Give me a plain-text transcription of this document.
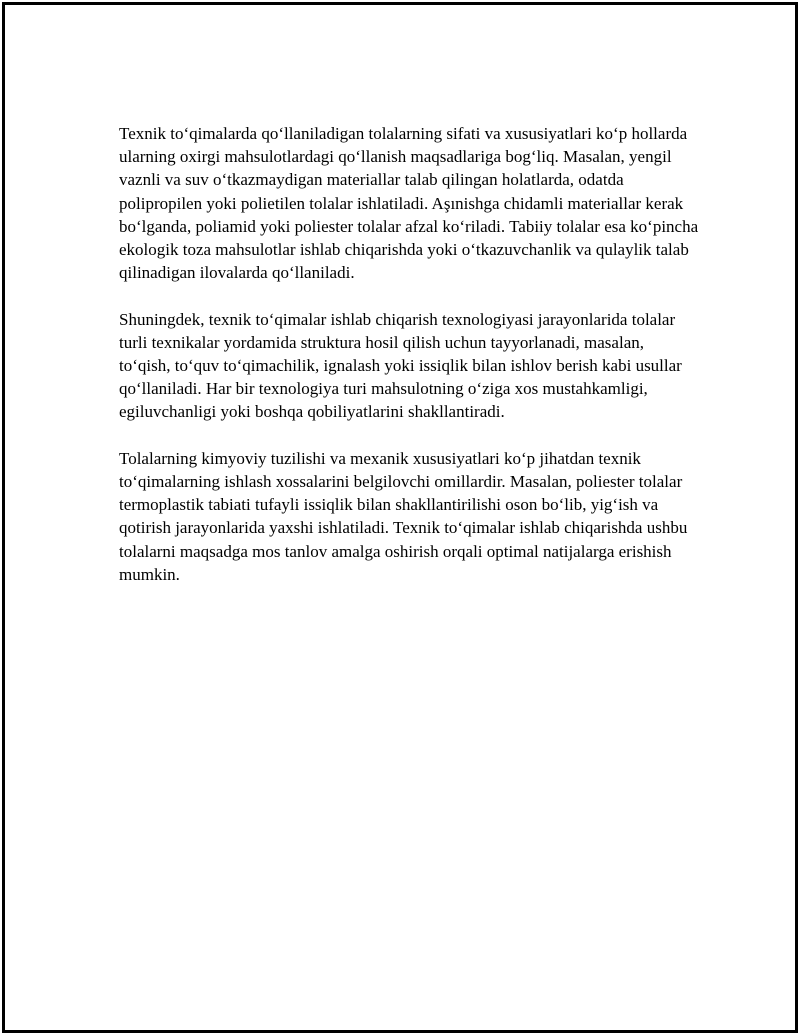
Texnik to‘qimalarda qo‘llaniladigan tolalarning sifati va xususiyatlari ko‘p hollarda ularning oxirgi mahsulotlardagi qo‘llanish maqsadlariga bog‘liq. Masalan, yengil vaznli va suv o‘tkazmaydigan materiallar talab qilingan holatlarda, odatda polipropilen yoki polietilen tolalar ishlatiladi. Aşınishga chidamli materiallar kerak bo‘lganda, poliamid yoki poliester tolalar afzal ko‘riladi. Tabiiy tolalar esa ko‘pincha ekologik toza mahsulotlar ishlab chiqarishda yoki o‘tkazuvchanlik va qulaylik talab qilinadigan ilovalarda qo‘llaniladi.

Shuningdek, texnik to‘qimalar ishlab chiqarish texnologiyasi jarayonlarida tolalar turli texnikalar yordamida struktura hosil qilish uchun tayyorlanadi, masalan, to‘qish, to‘quv to‘qimachilik, ignalash yoki issiqlik bilan ishlov berish kabi usullar qo‘llaniladi. Har bir texnologiya turi mahsulotning o‘ziga xos mustahkamligi, egiluvchanligi yoki boshqa qobiliyatlarini shakllantiradi.

Tolalarning kimyoviy tuzilishi va mexanik xususiyatlari ko‘p jihatdan texnik to‘qimalarning ishlash xossalarini belgilovchi omillardir. Masalan, poliester tolalar termoplastik tabiati tufayli issiqlik bilan shakllantirilishi oson bo‘lib, yig‘ish va qotirish jarayonlarida yaxshi ishlatiladi. Texnik to‘qimalar ishlab chiqarishda ushbu tolalarni maqsadga mos tanlov amalga oshirish orqali optimal natijalarga erishish mumkin.
